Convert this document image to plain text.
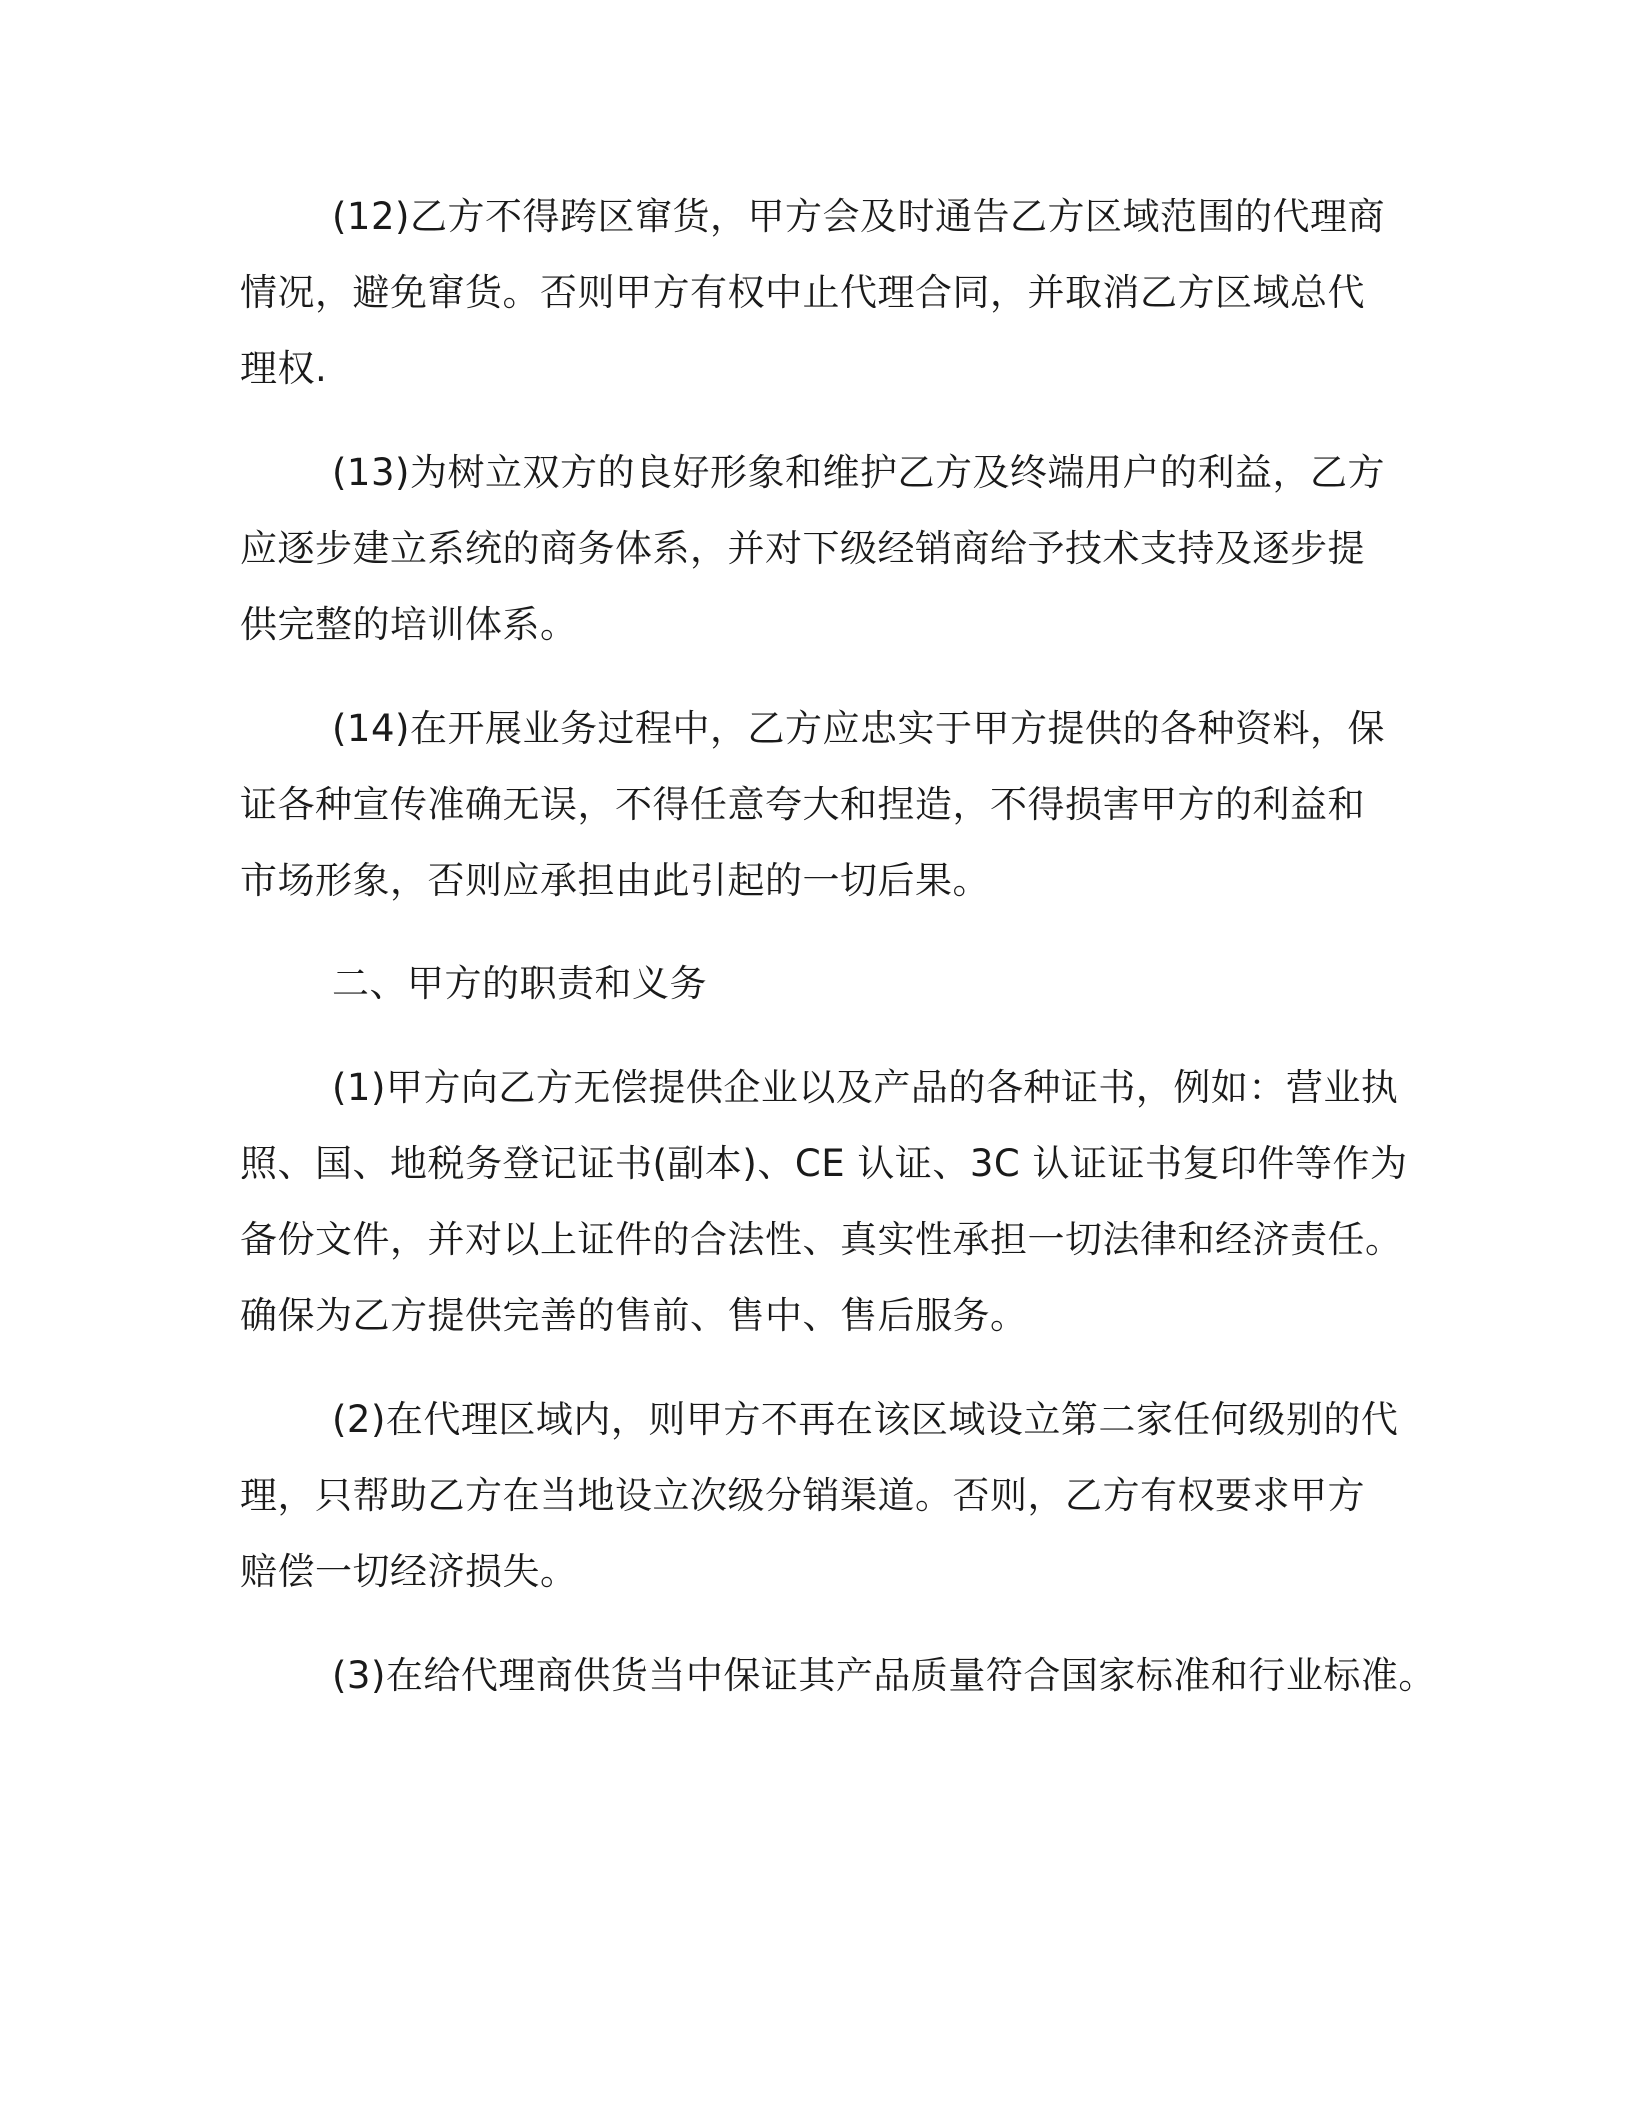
(12)乙方不得跨区窜货，甲方会及时通告乙方区域范围的代理商
情况，避免窜货。否则甲方有权中止代理合同，并取消乙方区域总代
理权.
(13)为树立双方的良好形象和维护乙方及终端用户的利益，乙方
应逐步建立系统的商务体系，并对下级经销商给予技术支持及逐步提
供完整的培训体系。
(14)在开展业务过程中，乙方应忠实于甲方提供的各种资料，保
证各种宣传准确无误，不得任意夸大和捏造，不得损害甲方的利益和
市场形象，否则应承担由此引起的一切后果。
二、甲方的职责和义务
(1)甲方向乙方无偿提供企业以及产品的各种证书，例如：营业执
照、国、地税务登记证书(副本)、CE 认证、3C 认证证书复印件等作为
备份文件，并对以上证件的合法性、真实性承担一切法律和经济责任。
确保为乙方提供完善的售前、售中、售后服务。
(2)在代理区域内，则甲方不再在该区域设立第二家任何级别的代
理，只帮助乙方在当地设立次级分销渠道。否则，乙方有权要求甲方
赔偿一切经济损失。
(3)在给代理商供货当中保证其产品质量符合国家标准和行业标准。
